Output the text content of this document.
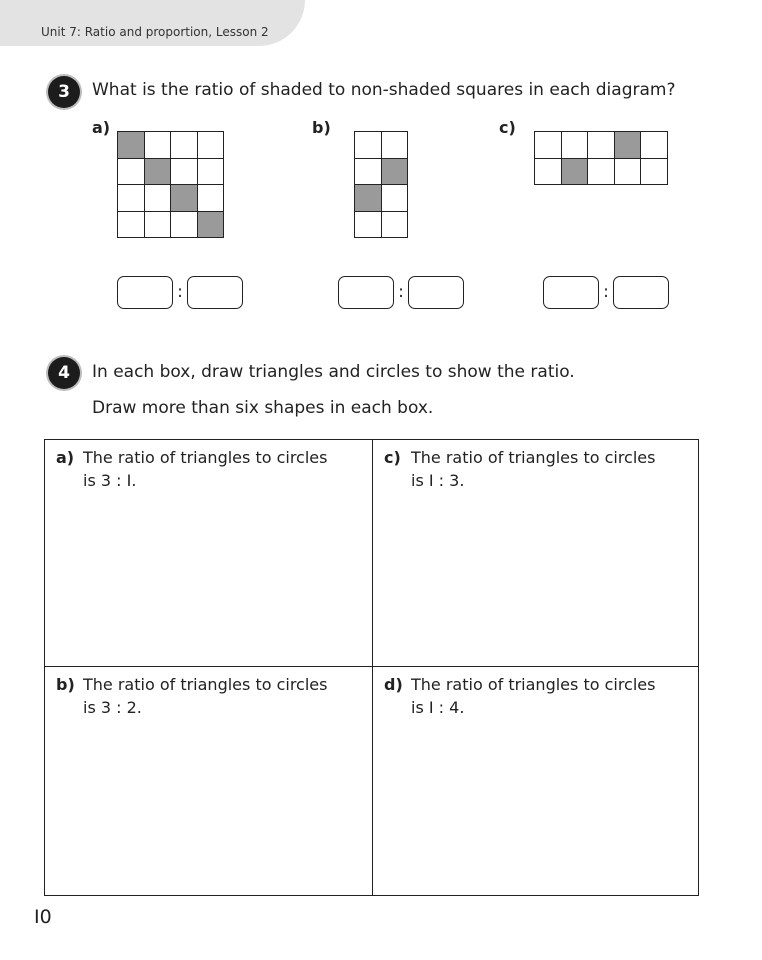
Unit 7: Ratio and proportion, Lesson 2
3	What is the ratio of shaded to non-shaded squares in each diagram?
a)	b)	c)
:	:	:
4	In each box, draw triangles and circles to show the ratio.
Draw more than six shapes in each box.
a) The ratio of triangles to circles
is 3 : I.
c) The ratio of triangles to circles
is I : 3.
b) The ratio of triangles to circles
is 3 : 2.
d) The ratio of triangles to circles
is I : 4.
I0
